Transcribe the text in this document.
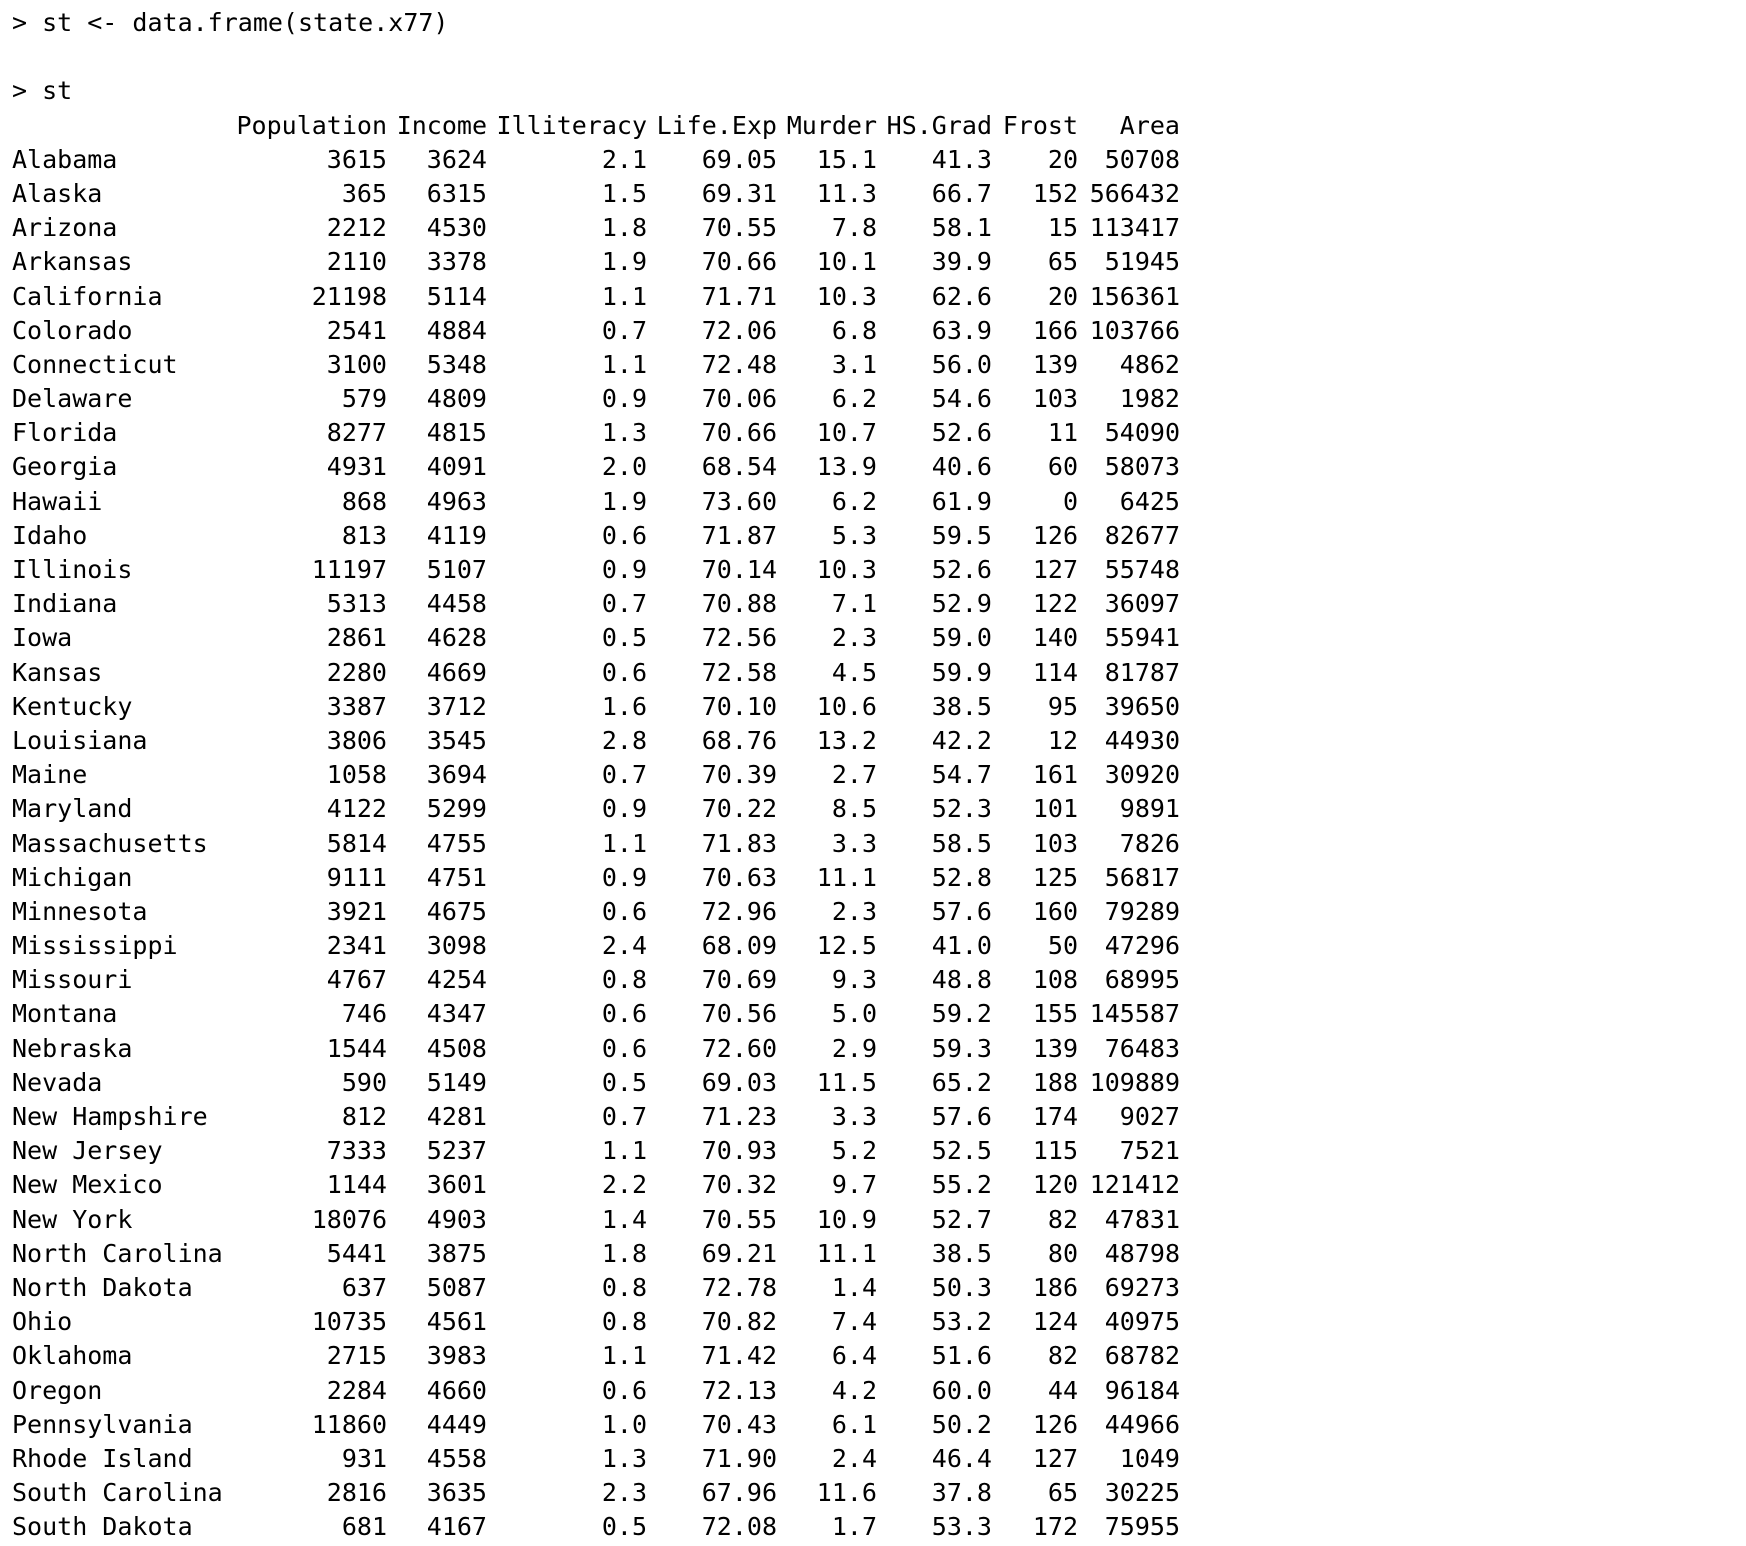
> st <- data.frame(state.x77)
> st
Population Income Illiteracy Life.Exp Murder HS.Grad Frost	Area
Alabama	3615	3624	2.1	69.05	15.1	41.3	20	50708
Alaska	365	6315	1.5	69.31	11.3	66.7	152 566432
Arizona	2212	4530	1.8	70.55	7.8	58.1	15 113417
Arkansas	2110	3378	1.9	70.66	10.1	39.9	65	51945
California	21198	5114	1.1	71.71	10.3	62.6	20 156361
Colorado	2541	4884	0.7	72.06	6.8	63.9	166 103766
Connecticut	3100	5348	1.1	72.48	3.1	56.0	139	4862
Delaware	579	4809	0.9	70.06	6.2	54.6	103	1982
Florida	8277	4815	1.3	70.66	10.7	52.6	11	54090
Georgia	4931	4091	2.0	68.54	13.9	40.6	60	58073
Hawaii	868	4963	1.9	73.60	6.2	61.9	0	6425
Idaho	813	4119	0.6	71.87	5.3	59.5	126	82677
Illinois	11197	5107	0.9	70.14	10.3	52.6	127	55748
Indiana	5313	4458	0.7	70.88	7.1	52.9	122	36097
Iowa	2861	4628	0.5	72.56	2.3	59.0	140	55941
Kansas	2280	4669	0.6	72.58	4.5	59.9	114	81787
Kentucky	3387	3712	1.6	70.10	10.6	38.5	95	39650
Louisiana	3806	3545	2.8	68.76	13.2	42.2	12	44930
Maine	1058	3694	0.7	70.39	2.7	54.7	161	30920
Maryland	4122	5299	0.9	70.22	8.5	52.3	101	9891
Massachusetts	5814	4755	1.1	71.83	3.3	58.5	103	7826
Michigan	9111	4751	0.9	70.63	11.1	52.8	125	56817
Minnesota	3921	4675	0.6	72.96	2.3	57.6	160	79289
Mississippi	2341	3098	2.4	68.09	12.5	41.0	50	47296
Missouri	4767	4254	0.8	70.69	9.3	48.8	108	68995
Montana	746	4347	0.6	70.56	5.0	59.2	155 145587
Nebraska	1544	4508	0.6	72.60	2.9	59.3	139	76483
Nevada	590	5149	0.5	69.03	11.5	65.2	188 109889
New Hampshire	812	4281	0.7	71.23	3.3	57.6	174	9027
New Jersey	7333	5237	1.1	70.93	5.2	52.5	115	7521
New Mexico	1144	3601	2.2	70.32	9.7	55.2	120 121412
New York	18076	4903	1.4	70.55	10.9	52.7	82	47831
North Carolina	5441	3875	1.8	69.21	11.1	38.5	80	48798
North Dakota	637	5087	0.8	72.78	1.4	50.3	186	69273
Ohio	10735	4561	0.8	70.82	7.4	53.2	124	40975
Oklahoma	2715	3983	1.1	71.42	6.4	51.6	82	68782
Oregon	2284	4660	0.6	72.13	4.2	60.0	44	96184
Pennsylvania	11860	4449	1.0	70.43	6.1	50.2	126	44966
Rhode Island	931	4558	1.3	71.90	2.4	46.4	127	1049
South Carolina	2816	3635	2.3	67.96	11.6	37.8	65	30225
South Dakota	681	4167	0.5	72.08	1.7	53.3	172	75955
